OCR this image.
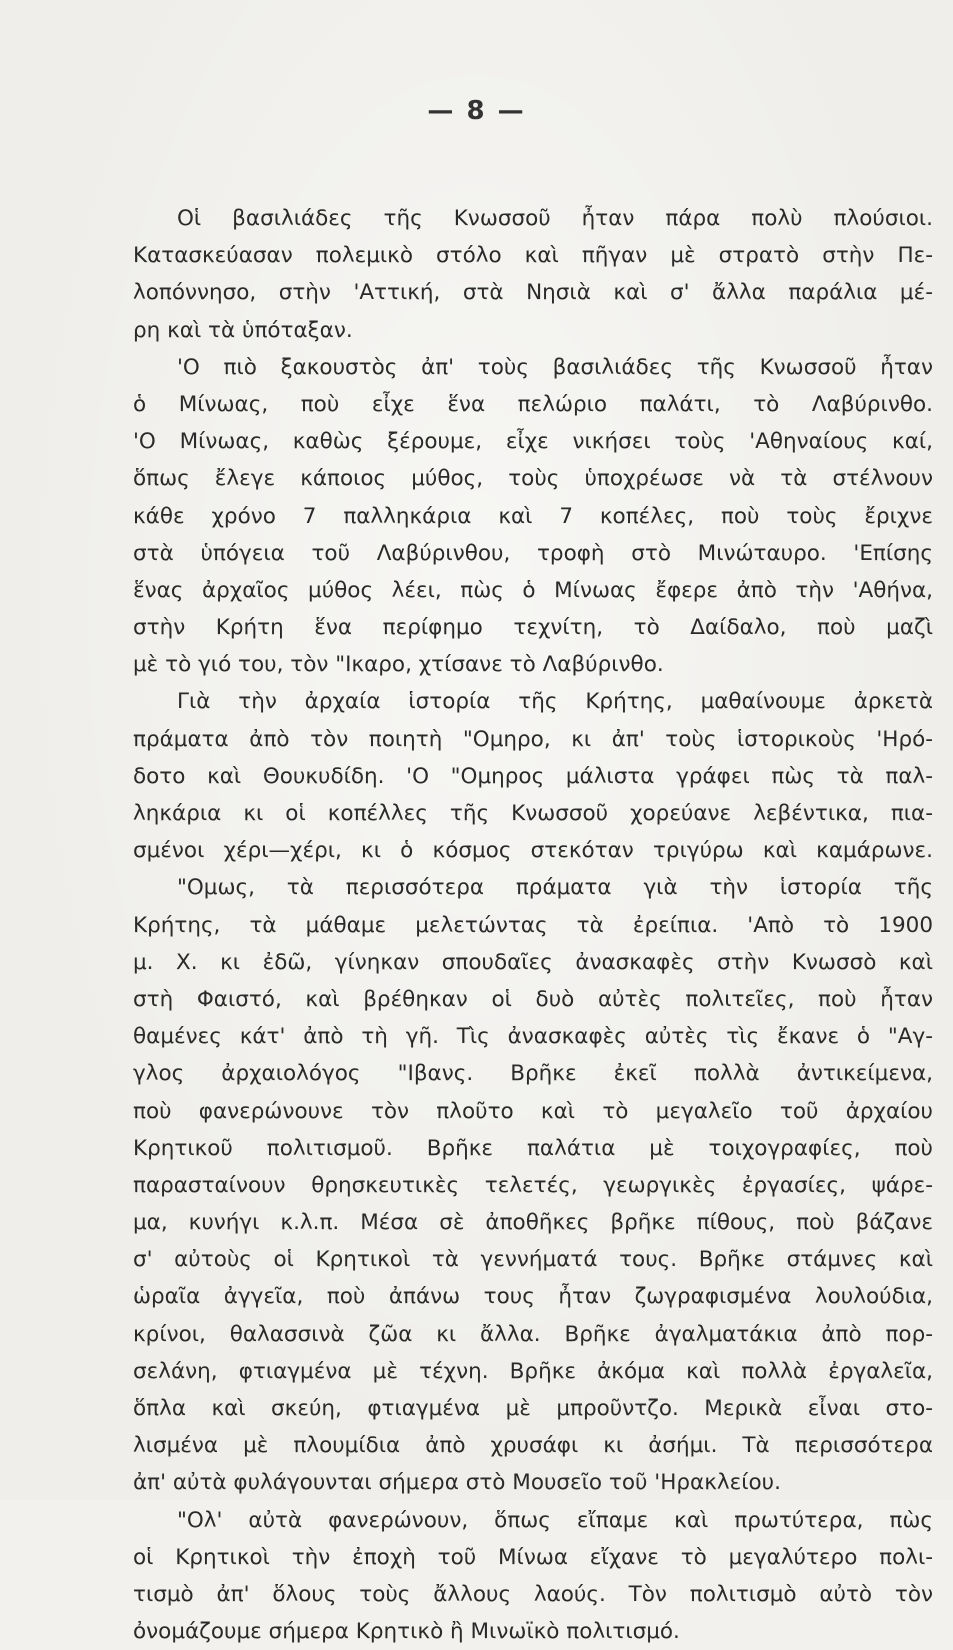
— 8 —
Οἱ βασιλιάδες τῆς Κνωσσοῦ ἦταν πάρα πολὺ πλούσιοι.
Κατασκεύασαν πολεμικὸ στόλο καὶ πῆγαν μὲ στρατὸ στὴν Πε-
λοπόννησο, στὴν 'Αττική, στὰ Νησιὰ καὶ σ' ἄλλα παράλια μέ-
ρη καὶ τὰ ὑπόταξαν.
'Ο πιὸ ξακουστὸς ἀπ' τοὺς βασιλιάδες τῆς Κνωσσοῦ ἦταν
ὁ Μίνωας, ποὺ εἶχε ἕνα πελώριο παλάτι, τὸ Λαβύρινθο.
'Ο Μίνωας, καθὼς ξέρουμε, εἶχε νικήσει τοὺς 'Αθηναίους καί,
ὅπως ἔλεγε κάποιος μύθος, τοὺς ὑποχρέωσε νὰ τὰ στέλνουν
κάθε χρόνο 7 παλληκάρια καὶ 7 κοπέλες, ποὺ τοὺς ἔριχνε
στὰ ὑπόγεια τοῦ Λαβύρινθου, τροφὴ στὸ Μινώταυρο. 'Επίσης
ἕνας ἀρχαῖος μύθος λέει, πὼς ὁ Μίνωας ἔφερε ἀπὸ τὴν 'Αθήνα,
στὴν Κρήτη ἕνα περίφημο τεχνίτη, τὸ Δαίδαλο, ποὺ μαζὶ
μὲ τὸ γιό του, τὸν "Ικαρο, χτίσανε τὸ Λαβύρινθο.
Γιὰ τὴν ἀρχαία ἱστορία τῆς Κρήτης, μαθαίνουμε ἀρκετὰ
πράματα ἀπὸ τὸν ποιητὴ "Ομηρο, κι ἀπ' τοὺς ἱστορικοὺς 'Ηρό-
δοτο καὶ Θουκυδίδη. 'Ο "Ομηρος μάλιστα γράφει πὼς τὰ παλ-
ληκάρια κι οἱ κοπέλλες τῆς Κνωσσοῦ χορεύανε λεβέντικα, πια-
σμένοι χέρι—χέρι, κι ὁ κόσμος στεκόταν τριγύρω καὶ καμάρωνε.
"Ομως, τὰ περισσότερα πράματα γιὰ τὴν ἱστορία τῆς
Κρήτης, τὰ μάθαμε μελετώντας τὰ ἐρείπια. 'Απὸ τὸ 1900
μ. Χ. κι ἐδῶ, γίνηκαν σπουδαῖες ἀνασκαφὲς στὴν Κνωσσὸ καὶ
στὴ Φαιστό, καὶ βρέθηκαν οἱ δυὸ αὐτὲς πολιτεῖες, ποὺ ἦταν
θαμένες κάτ' ἀπὸ τὴ γῆ. Τὶς ἀνασκαφὲς αὐτὲς τὶς ἔκανε ὁ "Αγ-
γλος ἀρχαιολόγος "Ιβανς. Βρῆκε ἐκεῖ πολλὰ ἀντικείμενα,
ποὺ φανερώνουνε τὸν πλοῦτο καὶ τὸ μεγαλεῖο τοῦ ἀρχαίου
Κρητικοῦ πολιτισμοῦ. Βρῆκε παλάτια μὲ τοιχογραφίες, ποὺ
παρασταίνουν θρησκευτικὲς τελετές, γεωργικὲς ἐργασίες, ψάρε-
μα, κυνήγι κ.λ.π. Μέσα σὲ ἀποθῆκες βρῆκε πίθους, ποὺ βάζανε
σ' αὐτοὺς οἱ Κρητικοὶ τὰ γεννήματά τους. Βρῆκε στάμνες καὶ
ὡραῖα ἀγγεῖα, ποὺ ἀπάνω τους ἦταν ζωγραφισμένα λουλούδια,
κρίνοι, θαλασσινὰ ζῶα κι ἄλλα. Βρῆκε ἀγαλματάκια ἀπὸ πορ-
σελάνη, φτιαγμένα μὲ τέχνη. Βρῆκε ἀκόμα καὶ πολλὰ ἐργαλεῖα,
ὅπλα καὶ σκεύη, φτιαγμένα μὲ μπροῦντζο. Μερικὰ εἶναι στο-
λισμένα μὲ πλουμίδια ἀπὸ χρυσάφι κι ἀσήμι. Τὰ περισσότερα
ἀπ' αὐτὰ φυλάγουνται σήμερα στὸ Μουσεῖο τοῦ 'Ηρακλείου.
"Ολ' αὐτὰ φανερώνουν, ὅπως εἴπαμε καὶ πρωτύτερα, πὼς
οἱ Κρητικοὶ τὴν ἐποχὴ τοῦ Μίνωα εἴχανε τὸ μεγαλύτερο πολι-
τισμὸ ἀπ' ὅλους τοὺς ἄλλους λαούς. Τὸν πολιτισμὸ αὐτὸ τὸν
ὀνομάζουμε σήμερα Κρητικὸ ἢ Μινωϊκὸ πολιτισμό.
